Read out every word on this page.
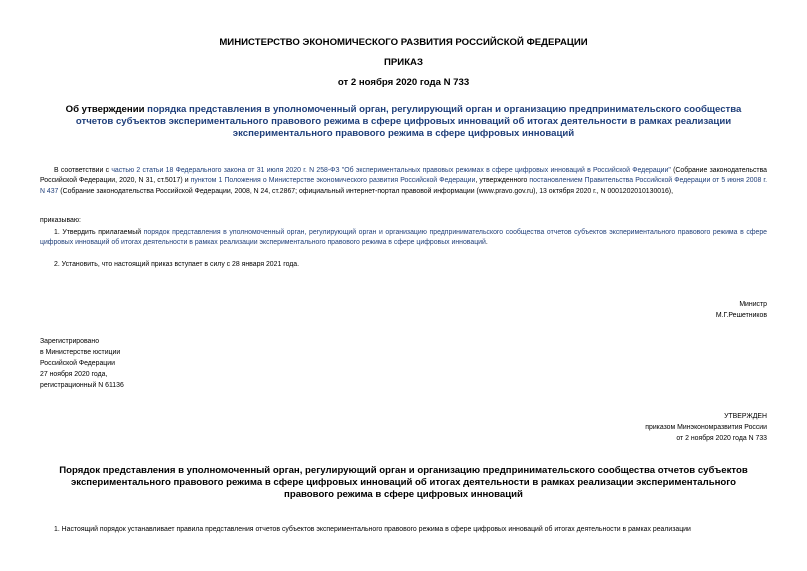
МИНИСТЕРСТВО ЭКОНОМИЧЕСКОГО РАЗВИТИЯ РОССИЙСКОЙ ФЕДЕРАЦИИ
ПРИКАЗ
от 2 ноября 2020 года N 733
Об утверждении порядка представления в уполномоченный орган, регулирующий орган и организацию предпринимательского сообщества отчетов субъектов экспериментального правового режима в сфере цифровых инноваций об итогах деятельности в рамках реализации экспериментального правового режима в сфере цифровых инноваций
В соответствии с частью 2 статьи 18 Федерального закона от 31 июля 2020 г. N 258-ФЗ "Об экспериментальных правовых режимах в сфере цифровых инноваций в Российской Федерации" (Собрание законодательства Российской Федерации, 2020, N 31, ст.5017) и пунктом 1 Положения о Министерстве экономического развития Российской Федерации, утвержденного постановлением Правительства Российской Федерации от 5 июня 2008 г. N 437 (Собрание законодательства Российской Федерации, 2008, N 24, ст.2867; официальный интернет-портал правовой информации (www.pravo.gov.ru), 13 октября 2020 г., N 0001202010130016),
приказываю:
1. Утвердить прилагаемый порядок представления в уполномоченный орган, регулирующий орган и организацию предпринимательского сообщества отчетов субъектов экспериментального правового режима в сфере цифровых инноваций об итогах деятельности в рамках реализации экспериментального правового режима в сфере цифровых инноваций.
2. Установить, что настоящий приказ вступает в силу с 28 января 2021 года.
Министр
М.Г.Решетников
Зарегистрировано
в Министерстве юстиции
Российской Федерации
27 ноября 2020 года,
регистрационный N 61136
УТВЕРЖДЕН
приказом Минэкономразвития России
от 2 ноября 2020 года N 733
Порядок представления в уполномоченный орган, регулирующий орган и организацию предпринимательского сообщества отчетов субъектов экспериментального правового режима в сфере цифровых инноваций об итогах деятельности в рамках реализации экспериментального правового режима в сфере цифровых инноваций
1. Настоящий порядок устанавливает правила представления отчетов субъектов экспериментального правового режима в сфере цифровых инноваций об итогах деятельности в рамках реализации
